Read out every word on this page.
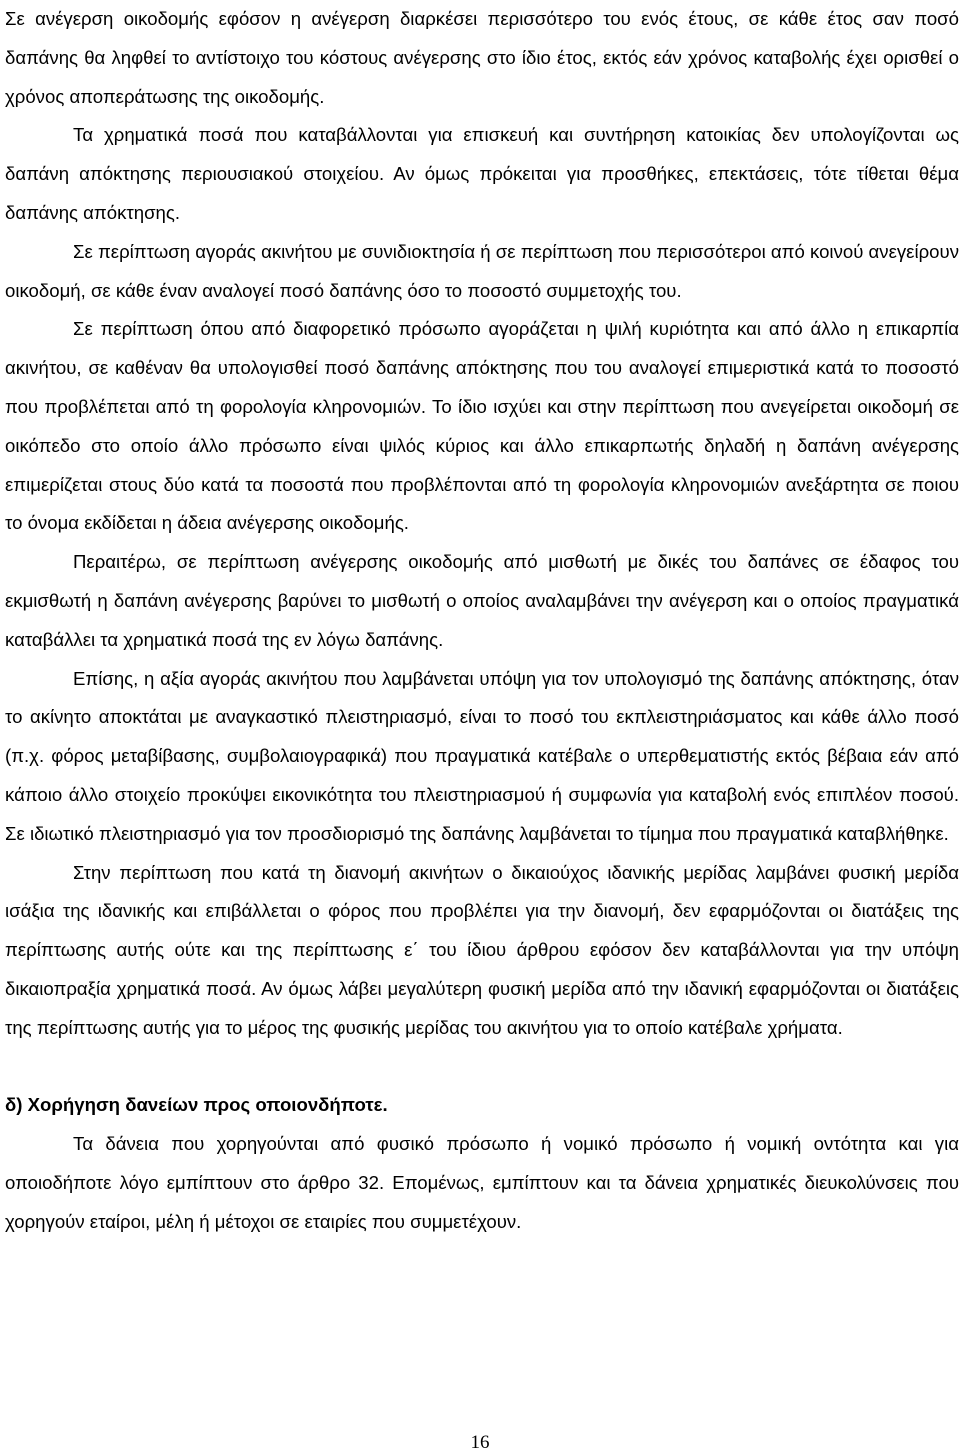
Σε ανέγερση οικοδομής εφόσον η ανέγερση διαρκέσει περισσότερο του ενός έτους, σε κάθε έτος σαν ποσό δαπάνης θα ληφθεί το αντίστοιχο του κόστους ανέγερσης στο ίδιο έτος, εκτός εάν χρόνος καταβολής έχει ορισθεί ο χρόνος αποπεράτωσης της οικοδομής.

Τα χρηματικά ποσά που καταβάλλονται για επισκευή και συντήρηση κατοικίας δεν υπολογίζονται ως δαπάνη απόκτησης περιουσιακού στοιχείου. Αν όμως πρόκειται για προσθήκες, επεκτάσεις, τότε τίθεται θέμα δαπάνης απόκτησης.

Σε περίπτωση αγοράς ακινήτου με συνιδιοκτησία ή σε περίπτωση που περισσότεροι από κοινού ανεγείρουν οικοδομή, σε κάθε έναν αναλογεί ποσό δαπάνης όσο το ποσοστό συμμετοχής του.

Σε περίπτωση όπου από διαφορετικό πρόσωπο αγοράζεται η ψιλή κυριότητα και από άλλο η επικαρπία ακινήτου, σε καθέναν θα υπολογισθεί ποσό δαπάνης απόκτησης που του αναλογεί επιμεριστικά κατά το ποσοστό που προβλέπεται από τη φορολογία κληρονομιών. Το ίδιο ισχύει και στην περίπτωση που ανεγείρεται οικοδομή σε οικόπεδο στο οποίο άλλο πρόσωπο είναι ψιλός κύριος και άλλο επικαρπωτής δηλαδή η δαπάνη ανέγερσης επιμερίζεται στους δύο κατά τα ποσοστά που προβλέπονται από τη φορολογία κληρονομιών ανεξάρτητα σε ποιου το όνομα εκδίδεται η άδεια ανέγερσης οικοδομής.

Περαιτέρω, σε περίπτωση ανέγερσης οικοδομής από μισθωτή με δικές του δαπάνες σε έδαφος του εκμισθωτή η δαπάνη ανέγερσης βαρύνει το μισθωτή ο οποίος αναλαμβάνει την ανέγερση και ο οποίος πραγματικά καταβάλλει τα χρηματικά ποσά της εν λόγω δαπάνης.

Επίσης, η αξία αγοράς ακινήτου που λαμβάνεται υπόψη για τον υπολογισμό της δαπάνης απόκτησης, όταν το ακίνητο αποκτάται με αναγκαστικό πλειστηριασμό, είναι το ποσό του εκπλειστηριάσματος και κάθε άλλο ποσό (π.χ. φόρος μεταβίβασης, συμβολαιογραφικά) που πραγματικά κατέβαλε ο υπερθεματιστής εκτός βέβαια εάν από κάποιο άλλο στοιχείο προκύψει εικονικότητα του πλειστηριασμού ή συμφωνία για καταβολή ενός επιπλέον ποσού. Σε ιδιωτικό πλειστηριασμό για τον προσδιορισμό της δαπάνης λαμβάνεται το τίμημα που πραγματικά καταβλήθηκε.

Στην περίπτωση που κατά τη διανομή ακινήτων ο δικαιούχος ιδανικής μερίδας λαμβάνει φυσική μερίδα ισάξια της ιδανικής και επιβάλλεται ο φόρος που προβλέπει για την διανομή, δεν εφαρμόζονται οι διατάξεις της περίπτωσης αυτής ούτε και της περίπτωσης ε΄ του ίδιου άρθρου εφόσον δεν καταβάλλονται για την υπόψη δικαιοπραξία χρηματικά ποσά. Αν όμως λάβει μεγαλύτερη φυσική μερίδα από την ιδανική εφαρμόζονται οι διατάξεις της περίπτωσης αυτής για το μέρος της φυσικής μερίδας του ακινήτου για το οποίο κατέβαλε χρήματα.

δ) Χορήγηση δανείων προς οποιονδήποτε.

Τα δάνεια που χορηγούνται από φυσικό πρόσωπο ή νομικό πρόσωπο ή νομική οντότητα και για οποιοδήποτε λόγο εμπίπτουν στο άρθρο 32. Επομένως, εμπίπτουν και τα δάνεια χρηματικές διευκολύνσεις που χορηγούν εταίροι, μέλη ή μέτοχοι σε εταιρίες που συμμετέχουν.

16
